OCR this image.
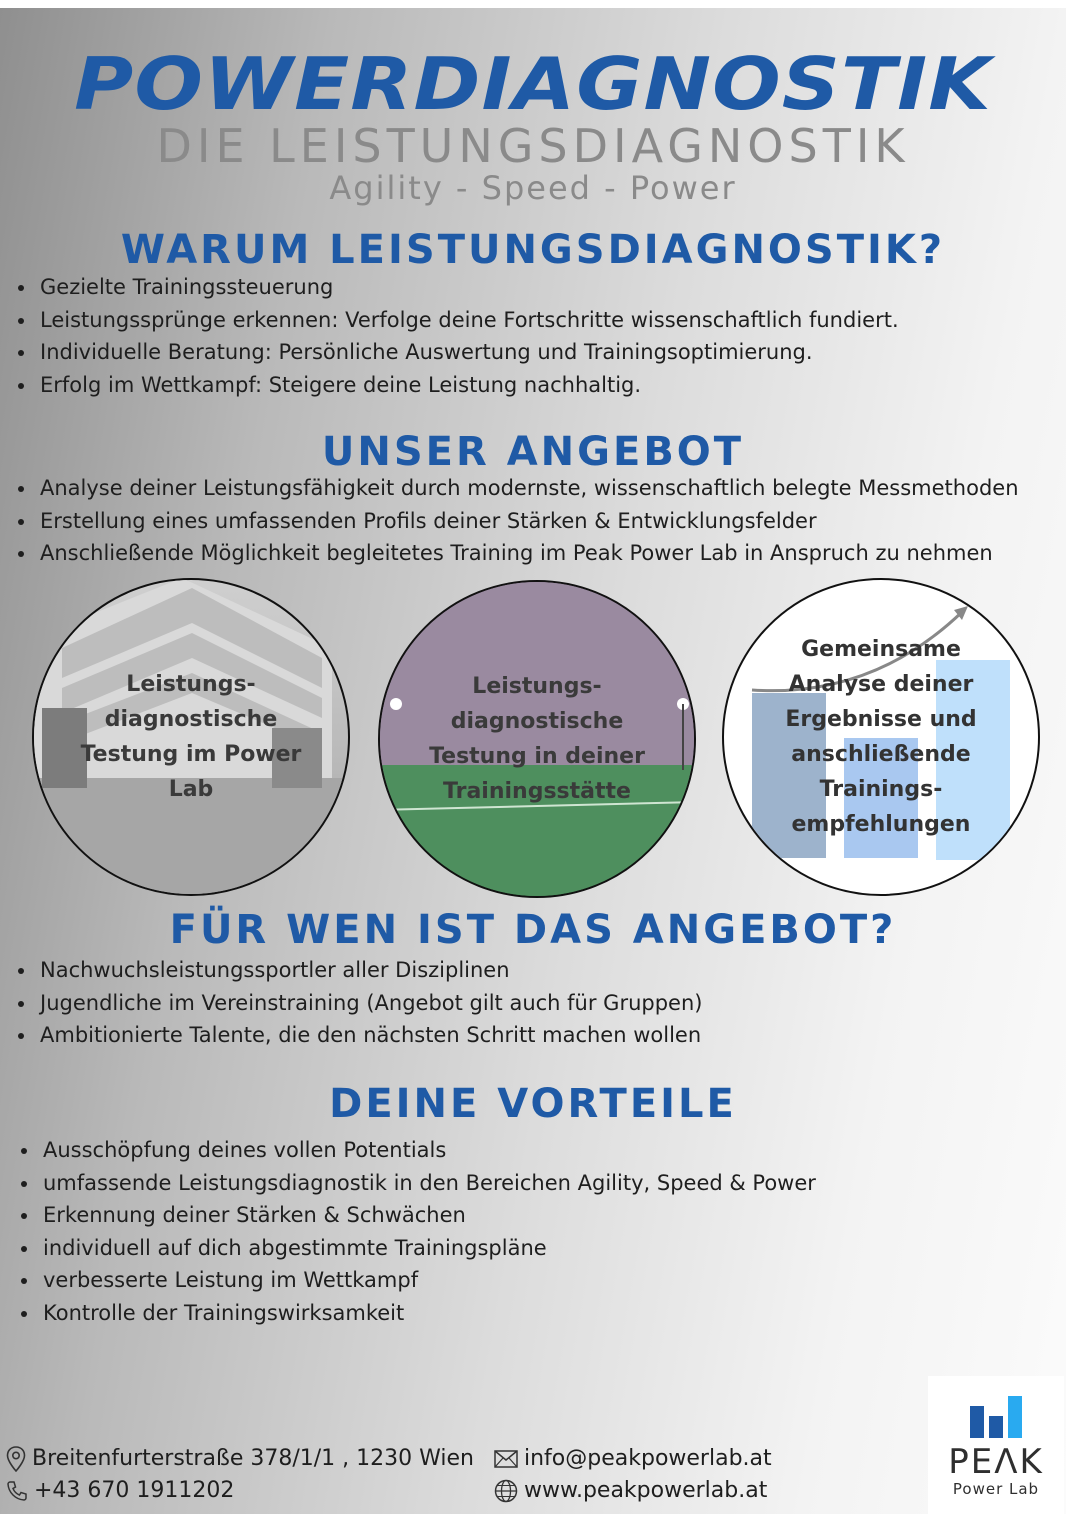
POWERDIAGNOSTIK
DIE LEISTUNGSDIAGNOSTIK
Agility - Speed - Power
WARUM LEISTUNGSDIAGNOSTIK?
Gezielte Trainingssteuerung
Leistungssprünge erkennen: Verfolge deine Fortschritte wissenschaftlich fundiert.
Individuelle Beratung: Persönliche Auswertung und Trainingsoptimierung.
Erfolg im Wettkampf: Steigere deine Leistung nachhaltig.
UNSER ANGEBOT
Analyse deiner Leistungsfähigkeit durch modernste, wissenschaftlich belegte Messmethoden
Erstellung eines umfassenden Profils deiner Stärken & Entwicklungsfelder
Anschließende Möglichkeit begleitetes Training im Peak Power Lab in Anspruch zu nehmen
Leistungs-diagnostische Testung im Power Lab
Leistungs-diagnostische Testung in deiner Trainingsstätte
Gemeinsame Analyse deiner Ergebnisse und anschließende Trainings-empfehlungen
FÜR WEN IST DAS ANGEBOT?
Nachwuchsleistungssportler aller Disziplinen
Jugendliche im Vereinstraining (Angebot gilt auch für Gruppen)
Ambitionierte Talente, die den nächsten Schritt machen wollen
DEINE VORTEILE
Ausschöpfung deines vollen Potentials
umfassende Leistungsdiagnostik in den Bereichen Agility, Speed & Power
Erkennung deiner Stärken & Schwächen
individuell auf dich abgestimmte Trainingspläne
verbesserte Leistung im Wettkampf
Kontrolle der Trainingswirksamkeit
Breitenfurterstraße 378/1/1 , 1230 Wien
+43 670 1911202
info@peakpowerlab.at
www.peakpowerlab.at
PEΛK
Power Lab
